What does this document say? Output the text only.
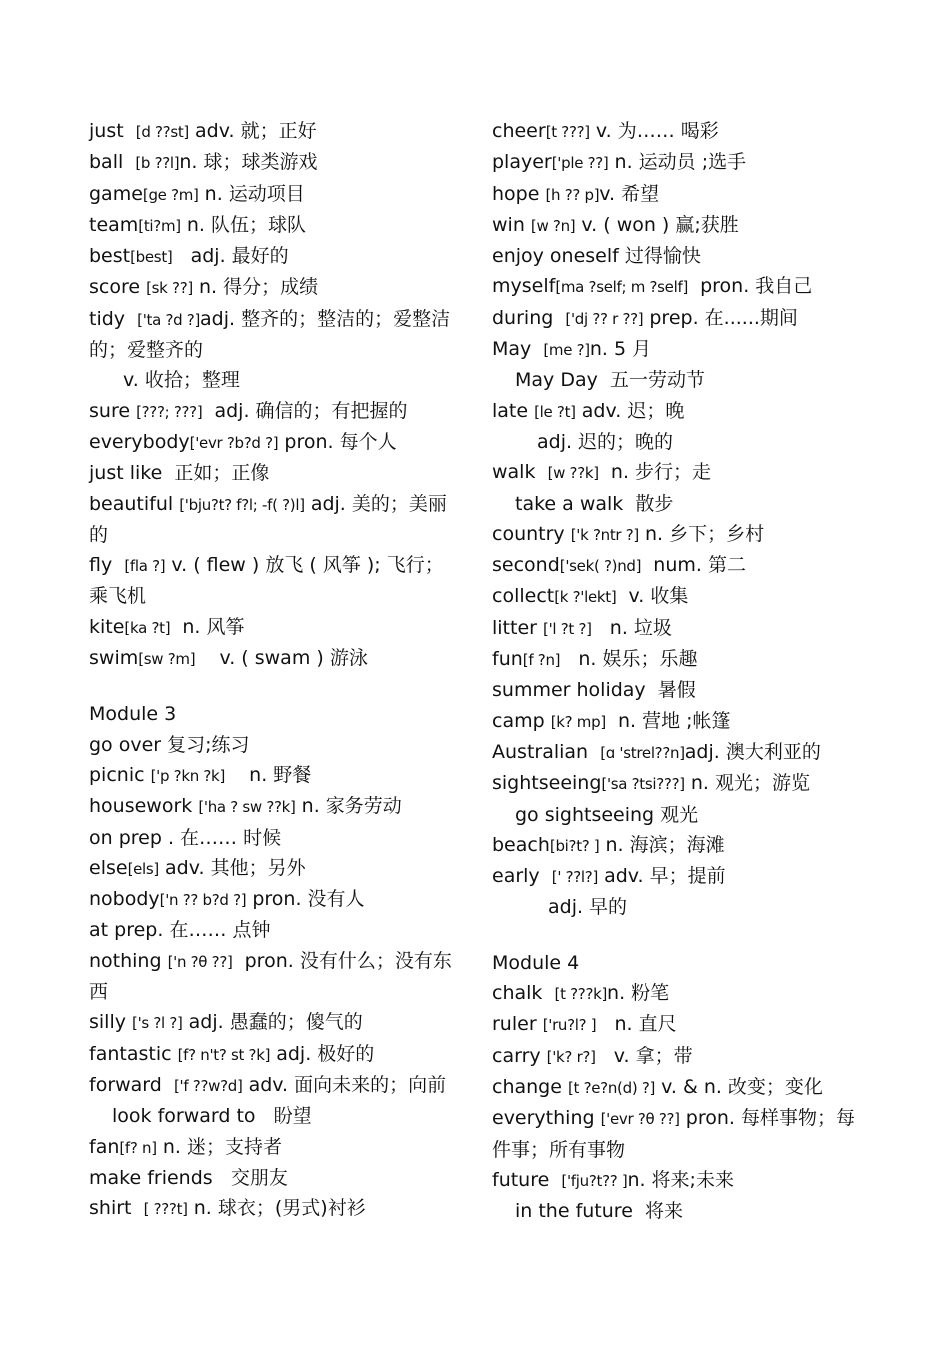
just [d ??st] adv. 就；正好
ball [b ??l]n. 球；球类游戏
game[ge ?m] n. 运动项目
team[ti?m] n. 队伍；球队
best[best] adj. 最好的
score [sk ??] n. 得分；成绩
tidy ['ta ?d ?]adj. 整齐的；整洁的；爱整洁的；爱整齐的
v. 收拾；整理
sure [???; ???] adj. 确信的；有把握的
everybody['evr ?b?d ?] pron. 每个人
just like 正如；正像
beautiful ['bju?t? f?l; -f( ?)l] adj. 美的；美丽的
fly [fla ?] v. ( flew ) 放飞 ( 风筝 ); 飞行；乘飞机
kite[ka ?t] n. 风筝
swim[sw ?m] v. ( swam ) 游泳
Module 3
go over 复习;练习
picnic ['p ?kn ?k] n. 野餐
housework ['ha ? sw ??k] n. 家务劳动
on prep . 在…… 时候
else[els] adv. 其他；另外
nobody['n ?? b?d ?] pron. 没有人
at prep. 在…… 点钟
nothing ['n ?θ ??] pron. 没有什么；没有东西
silly ['s ?l ?] adj. 愚蠢的；傻气的
fantastic [f? n't? st ?k] adj. 极好的
forward ['f ??w?d] adv. 面向未来的；向前
look forward to 盼望
fan[f? n] n. 迷；支持者
make friends 交朋友
shirt [ ???t] n. 球衣；(男式)衬衫
cheer[t ???] v. 为…… 喝彩
player['ple ??] n. 运动员 ;选手
hope [h ?? p]v. 希望
win [w ?n] v. ( won ) 赢;获胜
enjoy oneself 过得愉快
myself[ma ?self; m ?self] pron. 我自己
during ['dj ?? r ??] prep. 在......期间
May [me ?]n. 5 月
May Day 五一劳动节
late [le ?t] adv. 迟；晚
adj. 迟的；晚的
walk [w ??k] n. 步行；走
take a walk 散步
country ['k ?ntr ?] n. 乡下；乡村
second['sek( ?)nd] num. 第二
collect[k ?'lekt] v. 收集
litter ['l ?t ?] n. 垃圾
fun[f ?n] n. 娱乐；乐趣
summer holiday 暑假
camp [k? mp] n. 营地 ;帐篷
Australian [ɑ 'strel??n]adj. 澳大利亚的
sightseeing['sa ?tsi???] n. 观光；游览
go sightseeing 观光
beach[bi?t? ] n. 海滨；海滩
early [' ??l?] adv. 早；提前
adj. 早的
Module 4
chalk [t ???k]n. 粉笔
ruler ['ru?l? ] n. 直尺
carry ['k? r?] v. 拿；带
change [t ?e?n(d) ?] v. & n. 改变；变化
everything ['evr ?θ ??] pron. 每样事物；每件事；所有事物
future ['fju?t?? ]n. 将来;未来
in the future 将来
